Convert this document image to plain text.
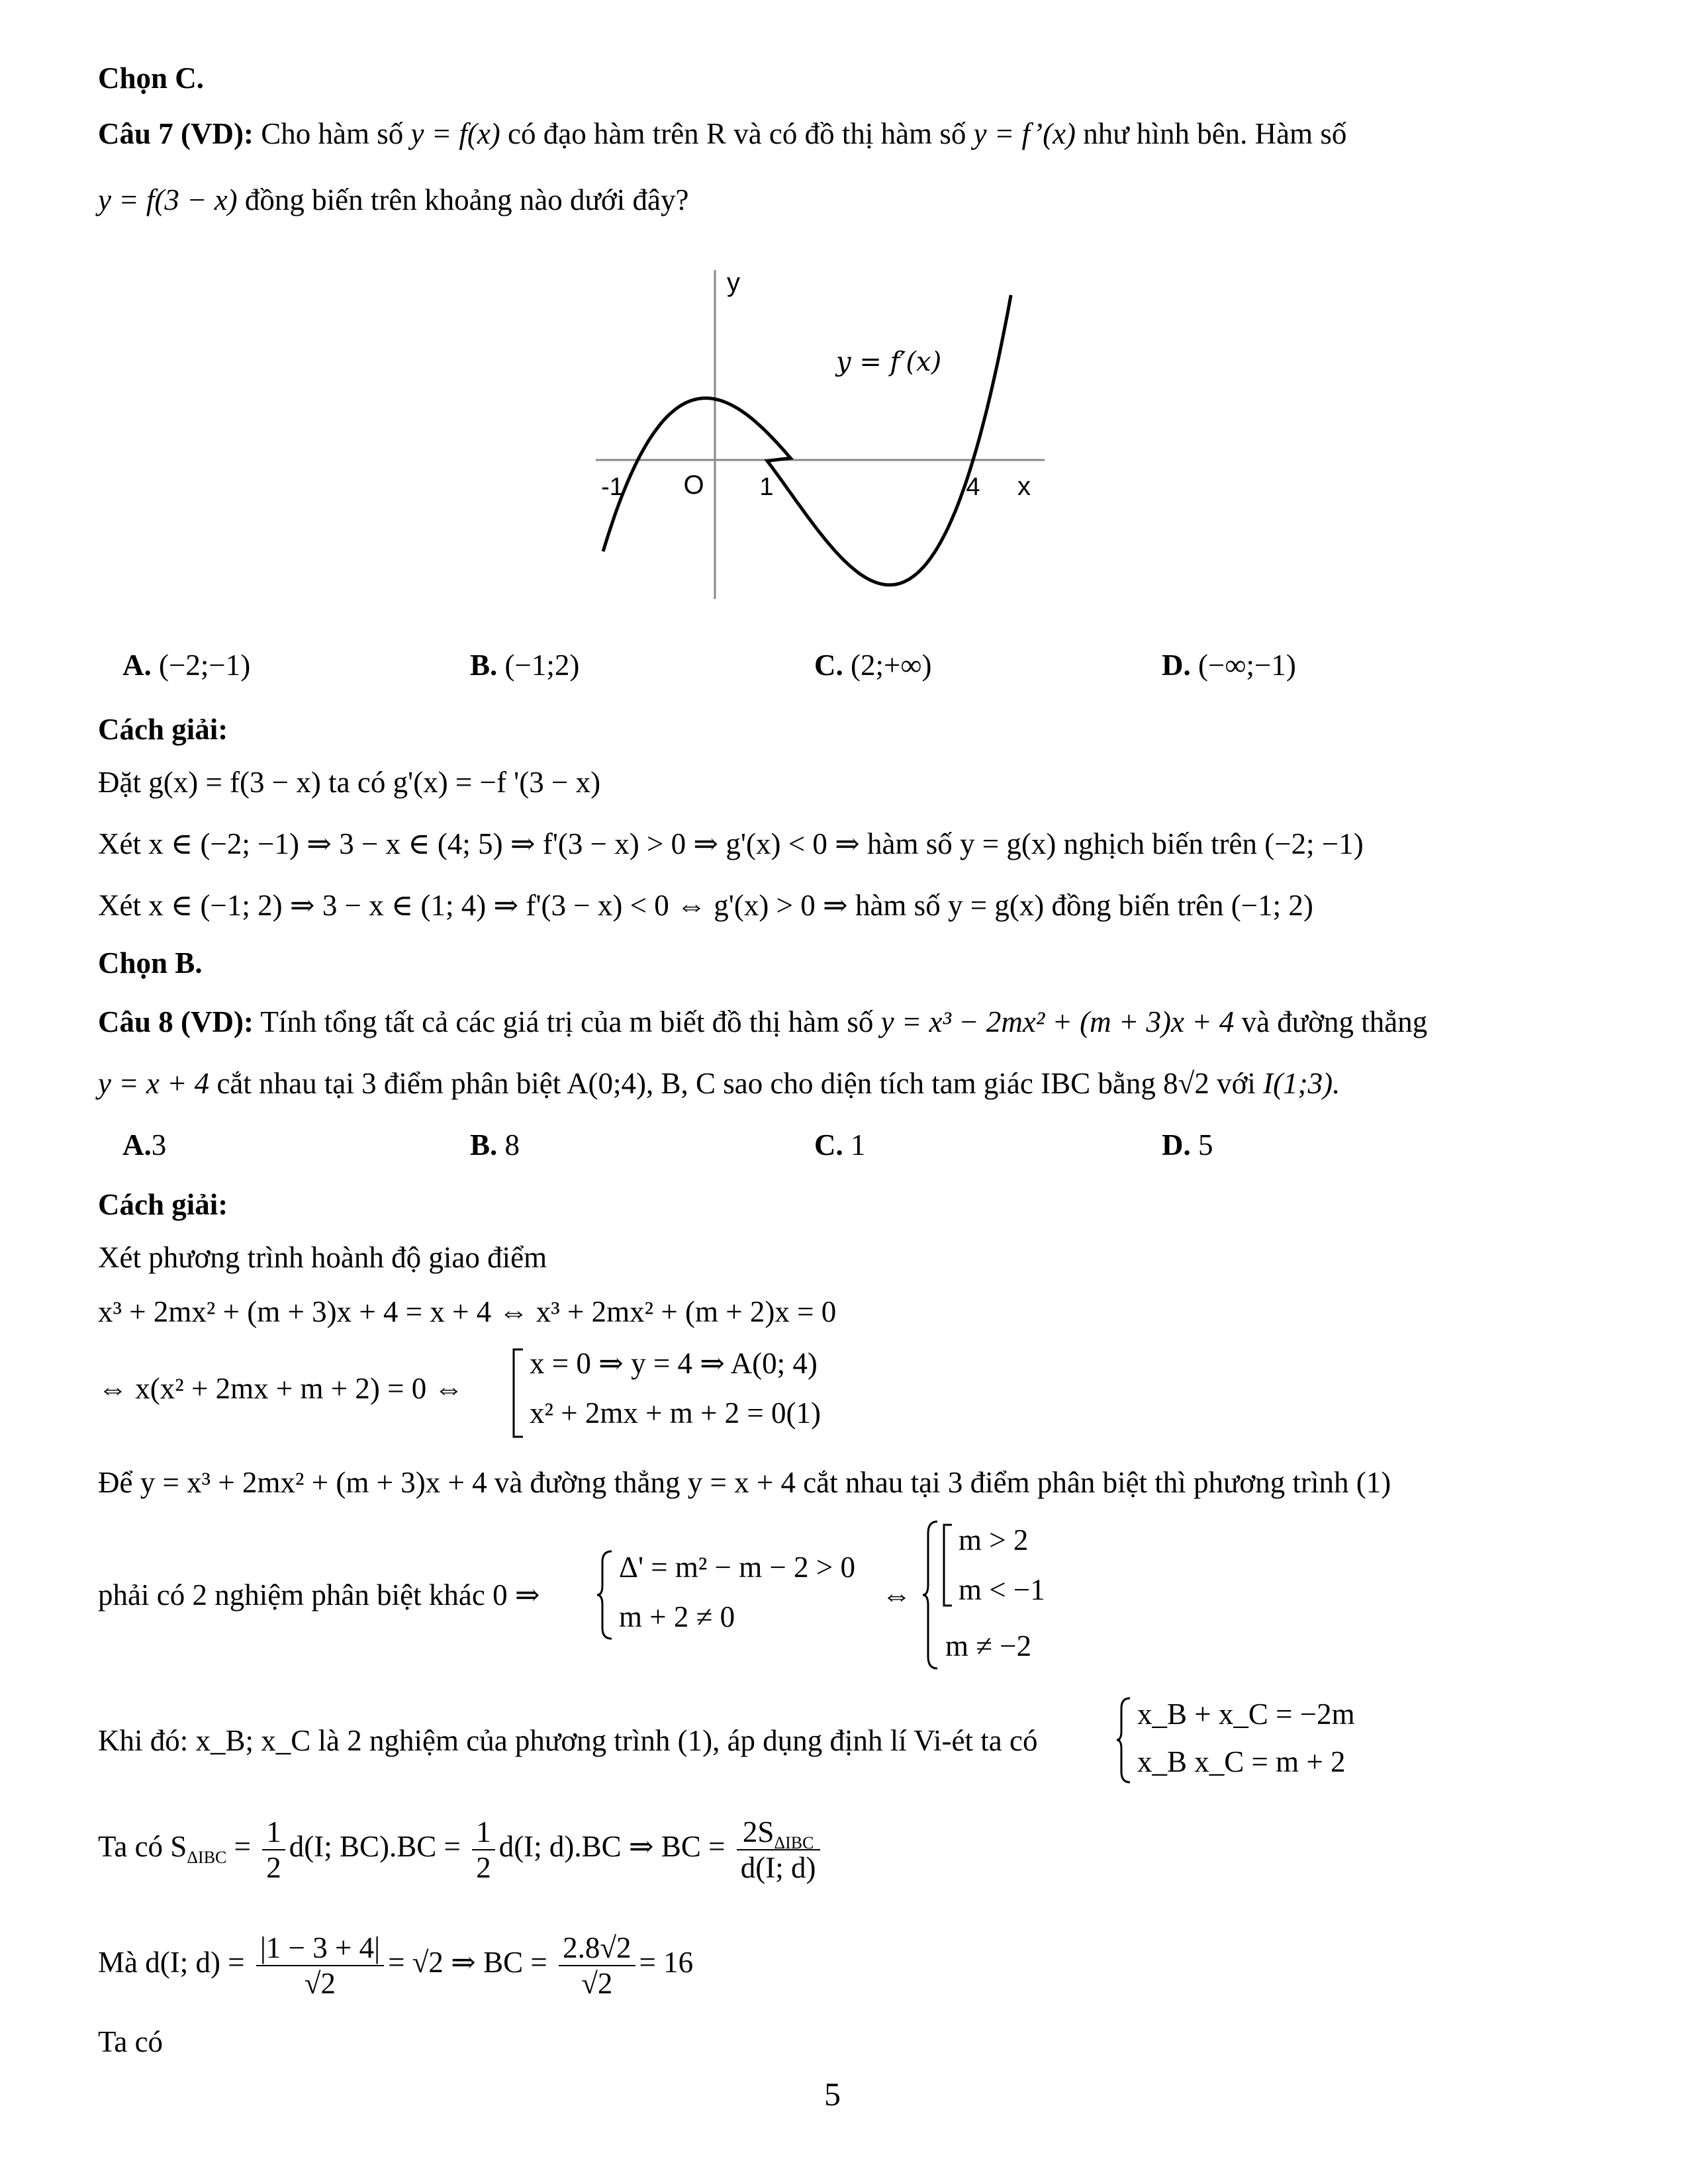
Chọn C.
Câu 7 (VD): Cho hàm số y = f(x) có đạo hàm trên R và có đồ thị hàm số y = f’(x) như hình bên. Hàm số
y = f(3 − x) đồng biến trên khoảng nào dưới đây?
y
x
O
-1	1	4
y = f′(x)
A. (−2;−1)	B. (−1;2)	C. (2;+∞)	D. (−∞;−1)
Cách giải:
Đặt g(x) = f(3 − x) ta có g'(x) = −f '(3 − x)
Xét x ∈ (−2; −1) ⇒ 3 − x ∈ (4; 5) ⇒ f'(3 − x) > 0 ⇒ g'(x) < 0 ⇒ hàm số y = g(x) nghịch biến trên (−2; −1)
Xét x ∈ (−1; 2) ⇒ 3 − x ∈ (1; 4) ⇒ f'(3 − x) < 0 ⇔ g'(x) > 0 ⇒ hàm số y = g(x) đồng biến trên (−1; 2)
Chọn B.
Câu 8 (VD): Tính tổng tất cả các giá trị của m biết đồ thị hàm số y = x³ − 2mx² + (m + 3)x + 4 và đường thẳng
y = x + 4 cắt nhau tại 3 điểm phân biệt A(0;4), B, C sao cho diện tích tam giác IBC bằng 8√2 với I(1;3).
A.3	B. 8	C. 1	D. 5
Cách giải:
Xét phương trình hoành độ giao điểm
x³ + 2mx² + (m + 3)x + 4 = x + 4 ⇔ x³ + 2mx² + (m + 2)x = 0
⇔ x(x² + 2mx + m + 2) = 0 ⇔
x = 0 ⇒ y = 4 ⇒ A(0; 4)
x² + 2mx + m + 2 = 0(1)
Để y = x³ + 2mx² + (m + 3)x + 4 và đường thẳng y = x + 4 cắt nhau tại 3 điểm phân biệt thì phương trình (1)
phải có 2 nghiệm phân biệt khác 0 ⇒
Δ' = m² − m − 2 > 0
m + 2 ≠ 0
⇔
m > 2
m < −1
m ≠ −2
Khi đó: x_B; x_C là 2 nghiệm của phương trình (1), áp dụng định lí Vi-ét ta có
x_B + x_C = −2m
x_B x_C = m + 2
Ta có $S_{\Delta IBC} = \frac{1}{2} d(I$; $BC).BC = \frac{1}{2} d(I$; d).BC ⇒ BC = $\frac{2S_{\Delta IBC}}{d(I; d)}$
Mà d(I; $d) = \frac{|1 - 3 + 4|}{√2} = √2$ ⇒ BC = $\frac{2.8√2}{√2} = 16$
Ta có
5
